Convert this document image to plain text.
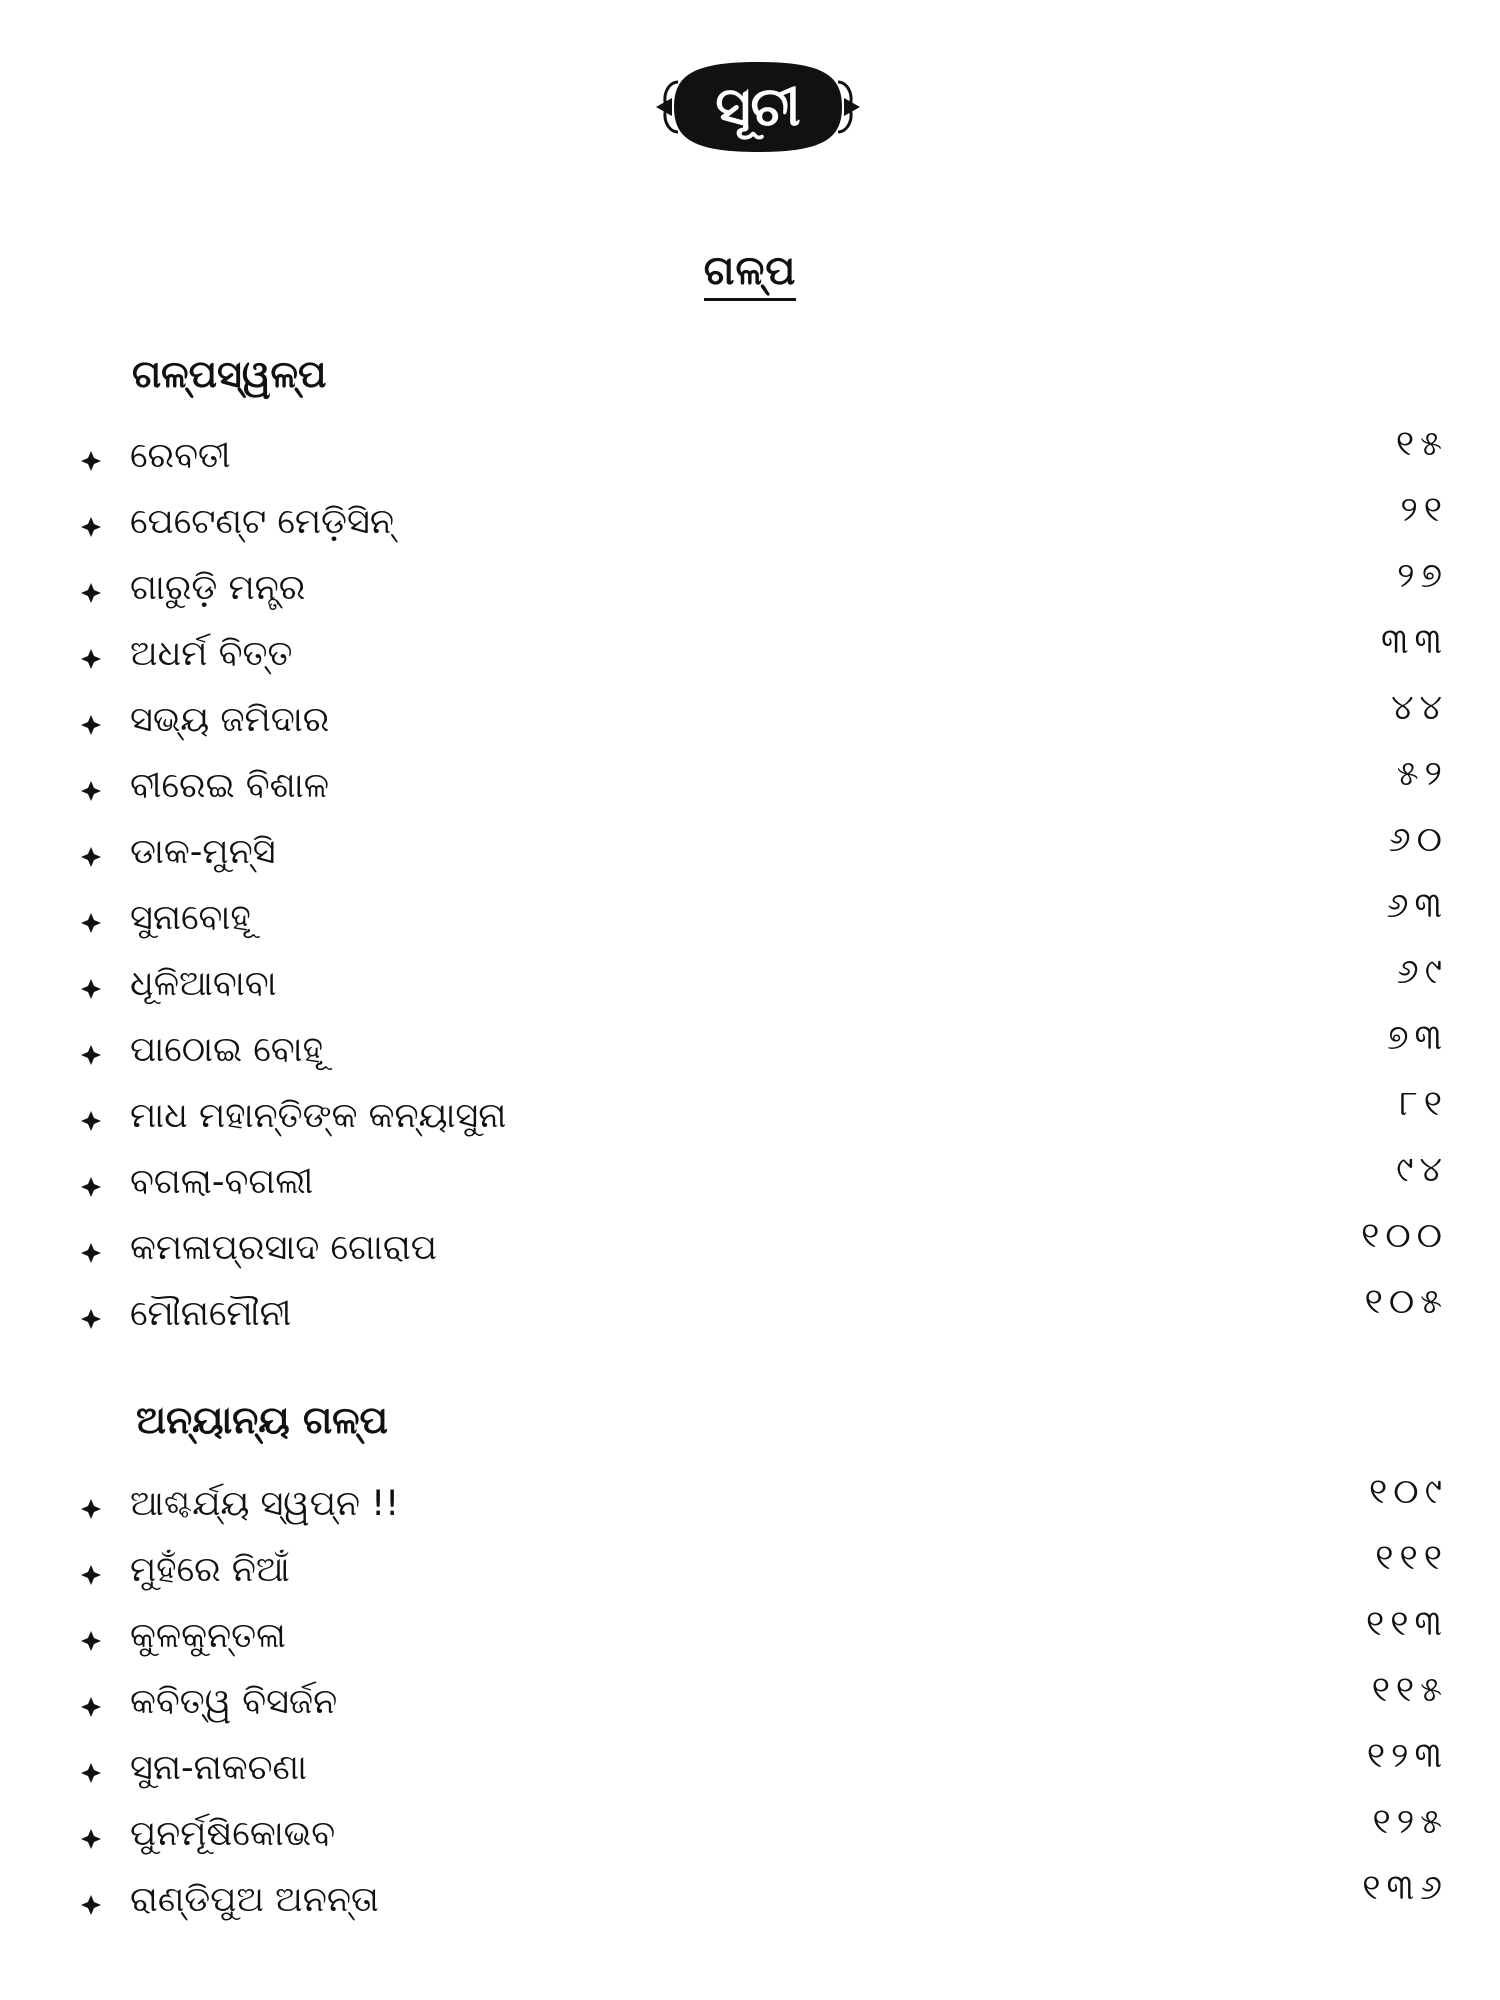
ସୂଚୀ
ଗଳ୍ପ
ଗଳ୍ପସ୍ୱଳ୍ପ
ରେବତୀ	୧୫
ପେଟେଣ୍ଟ ମେଡ଼ିସିନ୍	୨୧
ଗାରୁଡ଼ି ମନ୍ତ୍ର	୨୭
ଅଧର୍ମ ବିତ୍ତ	୩୩
ସଭ୍ୟ ଜମିଦାର	୪୪
ବୀରେଇ ବିଶାଳ	୫୨
ଡାକ-ମୁନ୍‌ସି	୬୦
ସୁନାବୋହୂ	୬୩
ଧୂଳିଆବାବା	୬୯
ପାଠୋଇ ବୋହୂ	୭୩
ମାଧ ମହାନ୍ତିଙ୍କ କନ୍ୟାସୁନା	୮୧
ବଗଲା-ବଗଲୀ	୯୪
କମଳାପ୍ରସାଦ ଗୋରାପ	୧୦୦
ମୌନାମୌନୀ	୧୦୫
ଅନ୍ୟାନ୍ୟ ଗଳ୍ପ
ଆଶ୍ଚର୍ଯ୍ୟ ସ୍ୱପ୍ନ !!	୧୦୯
ମୁହଁରେ ନିଆଁ	୧୧୧
କୁଳକୁନ୍ତଳା	୧୧୩
କବିତ୍ୱ ବିସର୍ଜନ	୧୧୫
ସୁନା-ନାକଚଣା	୧୨୩
ପୁନର୍ମୂଷିକୋଭବ	୧୨୫
ରାଣ୍ଡିପୁଅ ଅନନ୍ତା	୧୩୬
